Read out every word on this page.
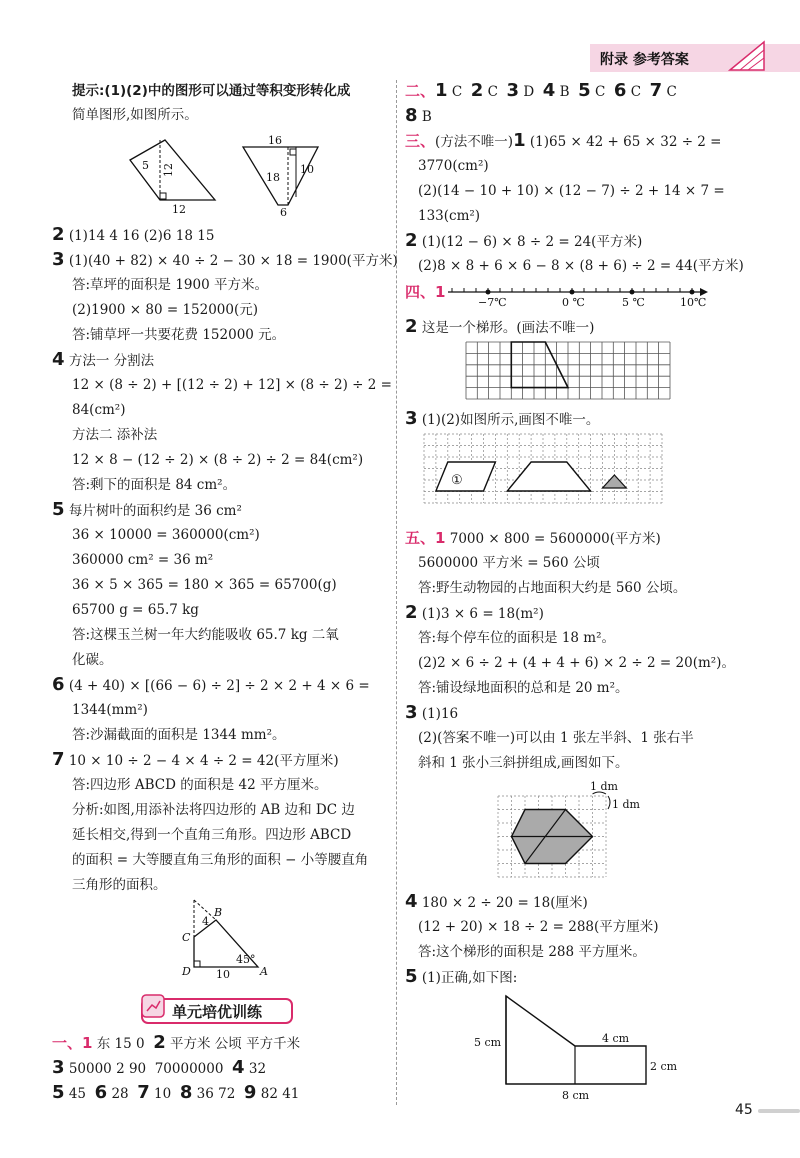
附录 参考答案
提示:(1)(2)中的图形可以通过等积变形转化成
简单图形,如图所示。
5 12
12
16
18
10
6
2 (1)14 4 16 (2)6 18 15
3 (1)(40 + 82) × 40 ÷ 2 − 30 × 18 = 1900(平方米)
答:草坪的面积是 1900 平方米。
(2)1900 × 80 = 152000(元)
答:铺草坪一共要花费 152000 元。
4 方法一 分割法
12 × (8 ÷ 2) + [(12 ÷ 2) + 12] × (8 ÷ 2) ÷ 2 =
84(cm²)
方法二 添补法
12 × 8 − (12 ÷ 2) × (8 ÷ 2) ÷ 2 = 84(cm²)
答:剩下的面积是 84 cm²。
5 每片树叶的面积约是 36 cm²
36 × 10000 = 360000(cm²)
360000 cm² = 36 m²
36 × 5 × 365 = 180 × 365 = 65700(g)
65700 g = 65.7 kg
答:这棵玉兰树一年大约能吸收 65.7 kg 二氧
化碳。
6 (4 + 40) × [(66 − 6) ÷ 2] ÷ 2 × 2 + 4 × 6 =
1344(mm²)
答:沙漏截面的面积是 1344 mm²。
7 10 × 10 ÷ 2 − 4 × 4 ÷ 2 = 42(平方厘米)
答:四边形 ABCD 的面积是 42 平方厘米。
分析:如图,用添补法将四边形的 AB 边和 DC 边
延长相交,得到一个直角三角形。四边形 ABCD
的面积 = 大等腰直角三角形的面积 − 小等腰直角
三角形的面积。
B
C
D	A
4
10
45°
单元培优训练
一、1 东 15 0 2 平方米 公顷 平方千米
3 50000 2 90 70000000 4 32
5 45 6 28 7 10 8 36 72 9 82 41
二、1 C 2 C 3 D 4 B 5 C 6 C 7 C
8 B
三、(方法不唯一)1 (1)65 × 42 + 65 × 32 ÷ 2 =
3770(cm²)
(2)(14 − 10 + 10) × (12 − 7) ÷ 2 + 14 × 7 =
133(cm²)
2 (1)(12 − 6) × 8 ÷ 2 = 24(平方米)
(2)8 × 8 + 6 × 6 − 8 × (8 + 6) ÷ 2 = 44(平方米)
四、1
−7℃	0 ℃	5 ℃	10℃
2 这是一个梯形。(画法不唯一)
3 (1)(2)如图所示,画图不唯一。
①
五、1 7000 × 800 = 5600000(平方米)
5600000 平方米 = 560 公顷
答:野生动物园的占地面积大约是 560 公顷。
2 (1)3 × 6 = 18(m²)
答:每个停车位的面积是 18 m²。
(2)2 × 6 ÷ 2 + (4 + 4 + 6) × 2 ÷ 2 = 20(m²)。
答:铺设绿地面积的总和是 20 m²。
3 (1)16
(2)(答案不唯一)可以由 1 张左半斜、1 张右半
斜和 1 张小三斜拼组成,画图如下。
1 dm
1 dm
4 180 × 2 ÷ 20 = 18(厘米)
(12 + 20) × 18 ÷ 2 = 288(平方厘米)
答:这个梯形的面积是 288 平方厘米。
5 (1)正确,如下图:
5 cm	4 cm
2 cm
8 cm
45
